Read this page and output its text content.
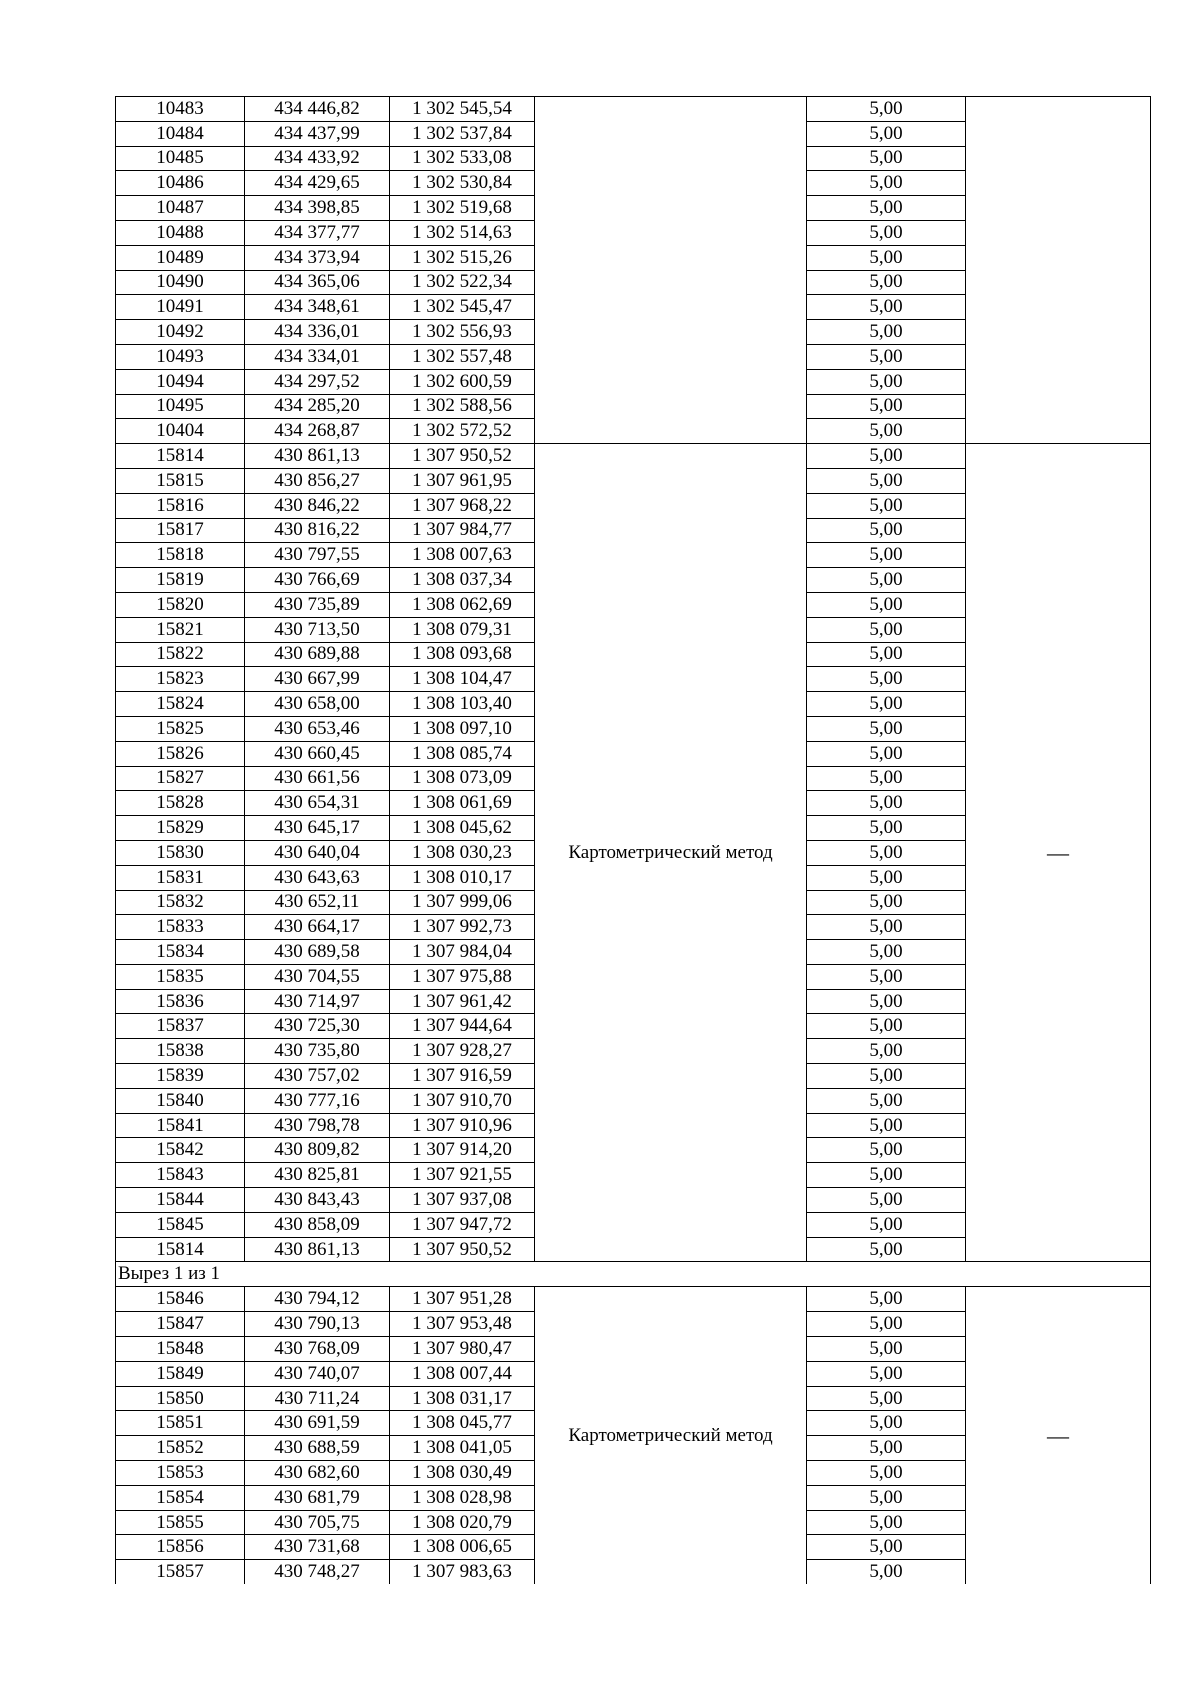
10483	434 446,82	1 302 545,54		5,00	
10484	434 437,99	1 302 537,84		5,00	
10485	434 433,92	1 302 533,08		5,00	
10486	434 429,65	1 302 530,84		5,00	
10487	434 398,85	1 302 519,68		5,00	
10488	434 377,77	1 302 514,63		5,00	
10489	434 373,94	1 302 515,26		5,00	
10490	434 365,06	1 302 522,34		5,00	
10491	434 348,61	1 302 545,47		5,00	
10492	434 336,01	1 302 556,93		5,00	
10493	434 334,01	1 302 557,48		5,00	
10494	434 297,52	1 302 600,59		5,00	
10495	434 285,20	1 302 588,56		5,00	
10404	434 268,87	1 302 572,52		5,00	
15814	430 861,13	1 307 950,52	Картометрический метод	5,00	—
15815	430 856,27	1 307 961,95		5,00	
15816	430 846,22	1 307 968,22		5,00	
15817	430 816,22	1 307 984,77		5,00	
15818	430 797,55	1 308 007,63		5,00	
15819	430 766,69	1 308 037,34		5,00	
15820	430 735,89	1 308 062,69		5,00	
15821	430 713,50	1 308 079,31		5,00	
15822	430 689,88	1 308 093,68		5,00	
15823	430 667,99	1 308 104,47		5,00	
15824	430 658,00	1 308 103,40		5,00	
15825	430 653,46	1 308 097,10		5,00	
15826	430 660,45	1 308 085,74		5,00	
15827	430 661,56	1 308 073,09		5,00	
15828	430 654,31	1 308 061,69		5,00	
15829	430 645,17	1 308 045,62		5,00	
15830	430 640,04	1 308 030,23		5,00	
15831	430 643,63	1 308 010,17		5,00	
15832	430 652,11	1 307 999,06		5,00	
15833	430 664,17	1 307 992,73		5,00	
15834	430 689,58	1 307 984,04		5,00	
15835	430 704,55	1 307 975,88		5,00	
15836	430 714,97	1 307 961,42		5,00	
15837	430 725,30	1 307 944,64		5,00	
15838	430 735,80	1 307 928,27		5,00	
15839	430 757,02	1 307 916,59		5,00	
15840	430 777,16	1 307 910,70		5,00	
15841	430 798,78	1 307 910,96		5,00	
15842	430 809,82	1 307 914,20		5,00	
15843	430 825,81	1 307 921,55		5,00	
15844	430 843,43	1 307 937,08		5,00	
15845	430 858,09	1 307 947,72		5,00	
15814	430 861,13	1 307 950,52		5,00	
Вырез 1 из 1					
15846	430 794,12	1 307 951,28	Картометрический метод	5,00	—
15847	430 790,13	1 307 953,48		5,00	
15848	430 768,09	1 307 980,47		5,00	
15849	430 740,07	1 308 007,44		5,00	
15850	430 711,24	1 308 031,17		5,00	
15851	430 691,59	1 308 045,77		5,00	
15852	430 688,59	1 308 041,05		5,00	
15853	430 682,60	1 308 030,49		5,00	
15854	430 681,79	1 308 028,98		5,00	
15855	430 705,75	1 308 020,79		5,00	
15856	430 731,68	1 308 006,65		5,00	
15857	430 748,27	1 307 983,63		5,00	
